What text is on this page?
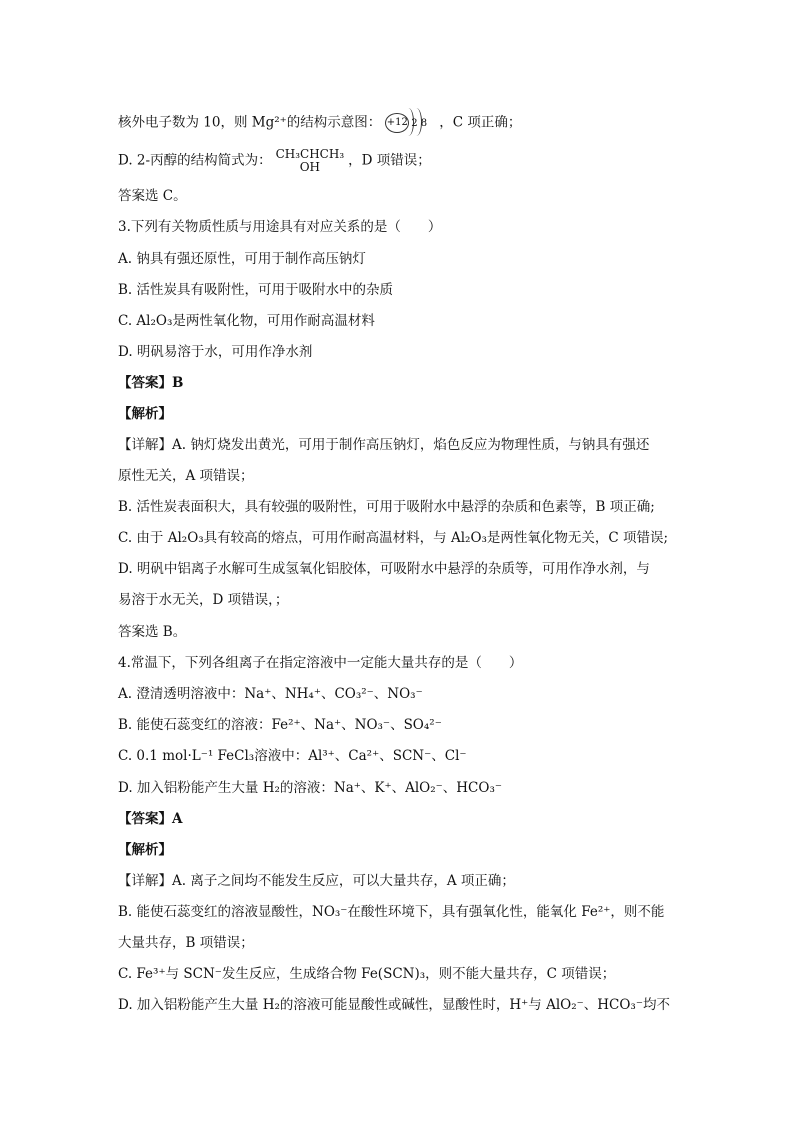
核外电子数为 10，则 Mg²⁺的结构示意图： +12 2 8 ，C 项正确；
D. 2-丙醇的结构简式为： CH₃CHCH₃
OH	，D 项错误；
答案选 C。
3.下列有关物质性质与用途具有对应关系的是（　　）
A. 钠具有强还原性，可用于制作高压钠灯
B. 活性炭具有吸附性，可用于吸附水中的杂质
C. Al₂O₃是两性氧化物，可用作耐高温材料
D. 明矾易溶于水，可用作净水剂
【答案】B
【解析】
【详解】A. 钠灯烧发出黄光，可用于制作高压钠灯，焰色反应为物理性质，与钠具有强还
原性无关，A 项错误；
B. 活性炭表面积大，具有较强的吸附性，可用于吸附水中悬浮的杂质和色素等，B 项正确;
C. 由于 Al₂O₃具有较高的熔点，可用作耐高温材料，与 Al₂O₃是两性氧化物无关，C 项错误;
D. 明矾中铝离子水解可生成氢氧化铝胶体，可吸附水中悬浮的杂质等，可用作净水剂，与
易溶于水无关，D 项错误，；
答案选 B。
4.常温下，下列各组离子在指定溶液中一定能大量共存的是（　　）
A. 澄清透明溶液中：Na⁺、NH₄⁺、CO₃²⁻、NO₃⁻
B. 能使石蕊变红的溶液：Fe²⁺、Na⁺、NO₃⁻、SO₄²⁻
C. 0.1 mol·L⁻¹ FeCl₃溶液中：Al³⁺、Ca²⁺、SCN⁻、Cl⁻
D. 加入铝粉能产生大量 H₂的溶液：Na⁺、K⁺、AlO₂⁻、HCO₃⁻
【答案】A
【解析】
【详解】A. 离子之间均不能发生反应，可以大量共存，A 项正确；
B. 能使石蕊变红的溶液显酸性，NO₃⁻在酸性环境下，具有强氧化性，能氧化 Fe²⁺，则不能
大量共存，B 项错误；
C. Fe³⁺与 SCN⁻发生反应，生成络合物 Fe(SCN)₃，则不能大量共存，C 项错误；
D. 加入铝粉能产生大量 H₂的溶液可能显酸性或碱性，显酸性时，H⁺与 AlO₂⁻、HCO₃⁻均不
